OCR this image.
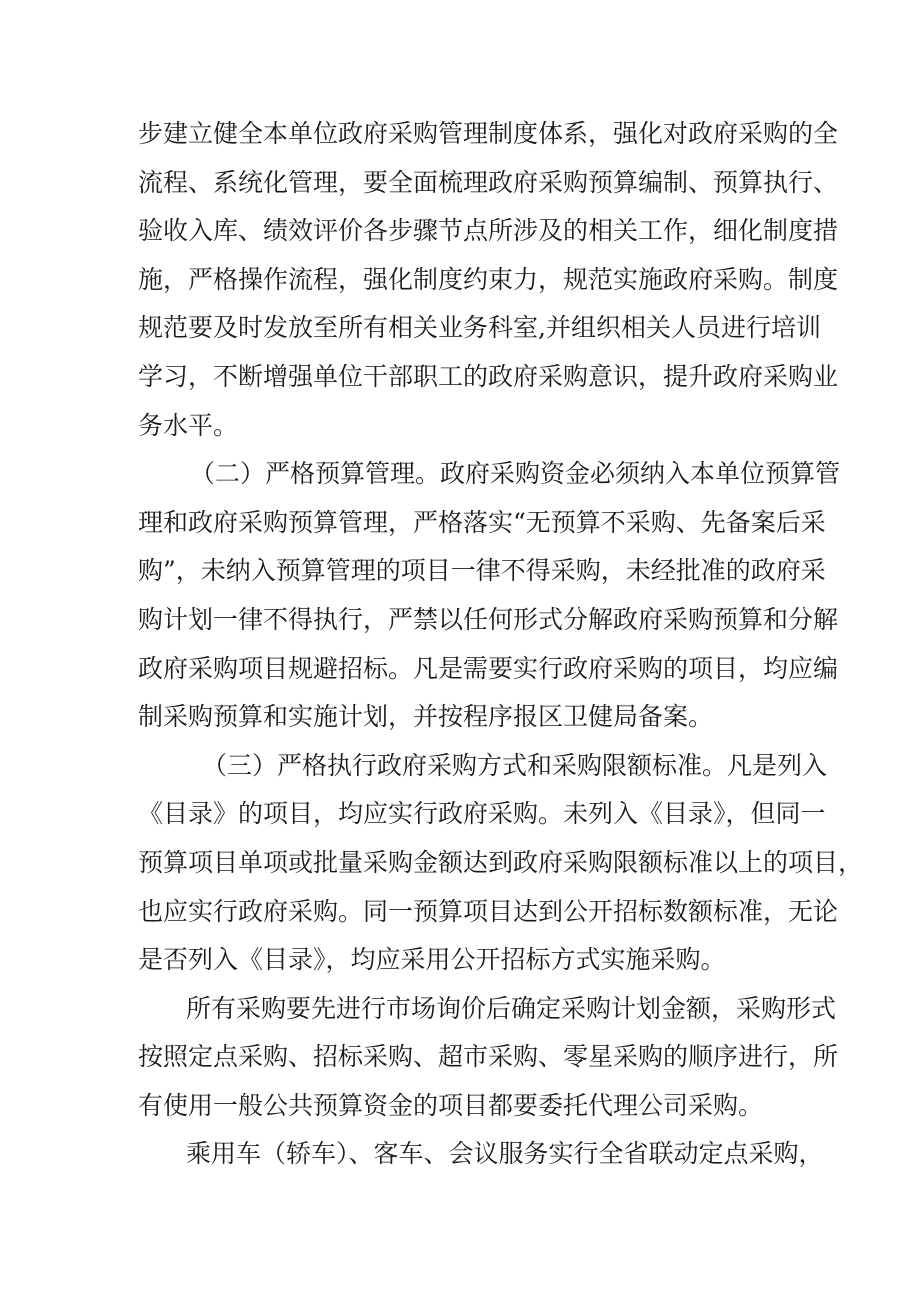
步建立健全本单位政府采购管理制度体系，强化对政府采购的全
流程、系统化管理，要全面梳理政府采购预算编制、预算执行、
验收入库、绩效评价各步骤节点所涉及的相关工作，细化制度措
施，严格操作流程，强化制度约束力，规范实施政府采购。制度
规范要及时发放至所有相关业务科室,并组织相关人员进行培训
学习，不断增强单位干部职工的政府采购意识，提升政府采购业
务水平。
（二）严格预算管理。政府采购资金必须纳入本单位预算管
理和政府采购预算管理，严格落实“无预算不采购、先备案后采
购”，未纳入预算管理的项目一律不得采购，未经批准的政府采
购计划一律不得执行，严禁以任何形式分解政府采购预算和分解
政府采购项目规避招标。凡是需要实行政府采购的项目，均应编
制采购预算和实施计划，并按程序报区卫健局备案。
（三）严格执行政府采购方式和采购限额标准。凡是列入
《目录》的项目，均应实行政府采购。未列入《目录》，但同一
预算项目单项或批量采购金额达到政府采购限额标准以上的项目，
也应实行政府采购。同一预算项目达到公开招标数额标准，无论
是否列入《目录》，均应采用公开招标方式实施采购。
所有采购要先进行市场询价后确定采购计划金额，采购形式
按照定点采购、招标采购、超市采购、零星采购的顺序进行，所
有使用一般公共预算资金的项目都要委托代理公司采购。
乘用车（轿车）、客车、会议服务实行全省联动定点采购，
